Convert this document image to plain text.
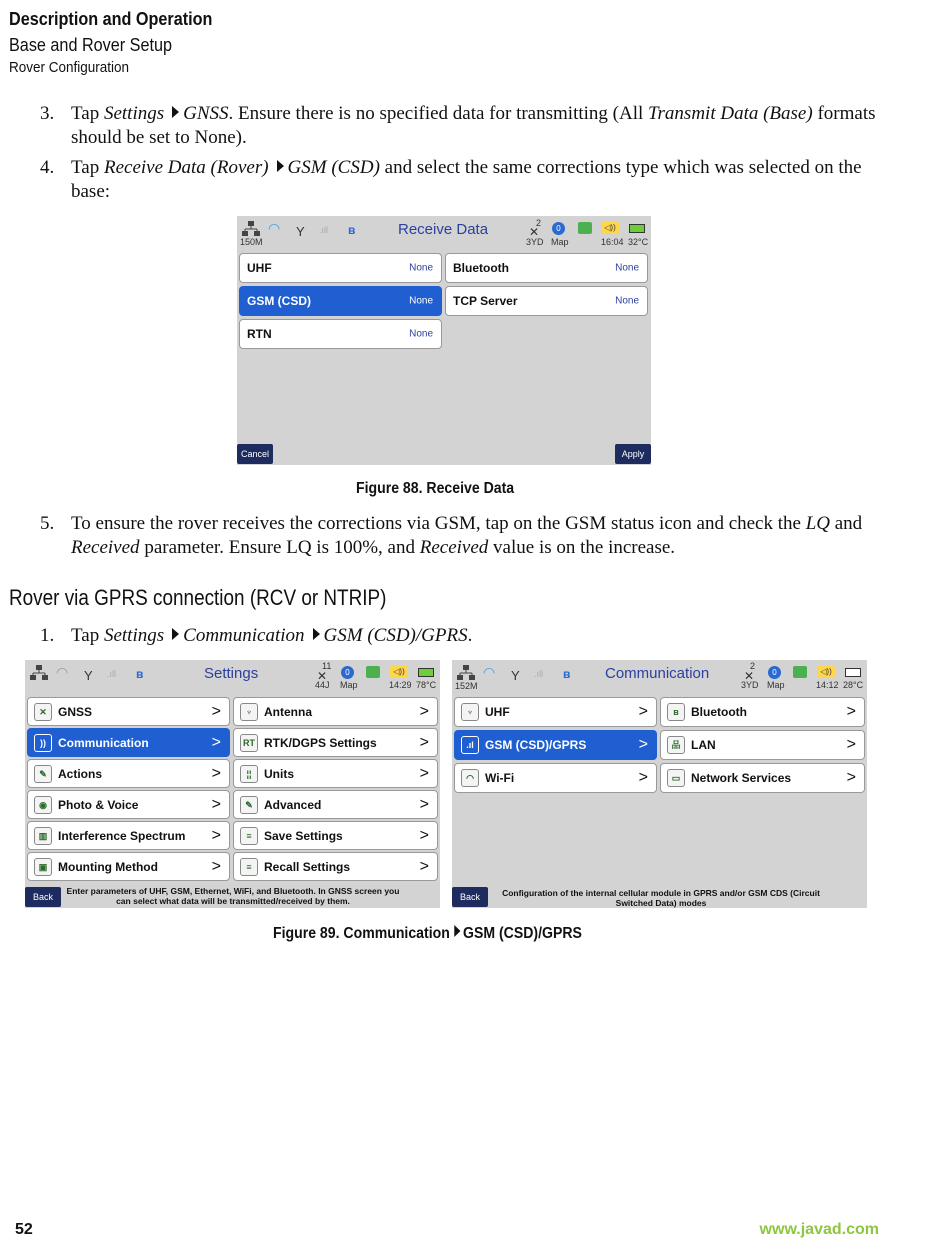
Description and Operation
Base and Rover Setup
Rover Configuration
3. Tap Settings GNSS. Ensure there is no specified data for transmitting (All Transmit Data (Base) formats should be set to None).
4. Tap Receive Data (Rover) GSM (CSD) and select the same corrections type which was selected on the base:
150M
◠ Y .ıll ʙ	Receive Data	2
✕
3YD
0
Map
◁))
16:04 32°C
UHF	None Bluetooth	None
GSM (CSD)	None TCP Server	None
RTN	None
Cancel	Apply
Figure 88. Receive Data
5. To ensure the rover receives the corrections via GSM, tap on the GSM status icon and check the LQ and Received parameter. Ensure LQ is 100%, and Received value is on the increase.
Rover via GPRS connection (RCV or NTRIP)
1. Tap Settings Communication GSM (CSD)/GPRS.
◠ Y .ıll ʙ	Settings	11
✕
44J
0
Map
◁))
14:29 78°C
✕ GNSS	>
))	Communication	>
✎ Actions	>
◉ Photo & Voice	>
▥ Interference Spectrum >
▣ Mounting Method	>
♆ Antenna	>
RT RTK/DGPS Settings	>
¦¦	Units	>
✎ Advanced	>
≡	Save Settings	>
≡	Recall Settings	>
Back
Enter parameters of UHF, GSM, Ethernet, WiFi, and Bluetooth. In GNSS screen you can select what data will be transmitted/received by them.
152M
◠ Y .ıll ʙ Communication	2
✕
3YD
0
Map
◁))
14:12 28°C
♆ UHF	>
.ıl GSM (CSD)/GPRS	>
◠ Wi-Fi	>
ʙ	Bluetooth	>
品 LAN	>
▭ Network Services	>
Back	Configuration of the internal cellular module in GPRS and/or GSM CDS (Circuit Switched Data) modes
Figure 89. Communication GSM (CSD)/GPRS
52	www.javad.com
